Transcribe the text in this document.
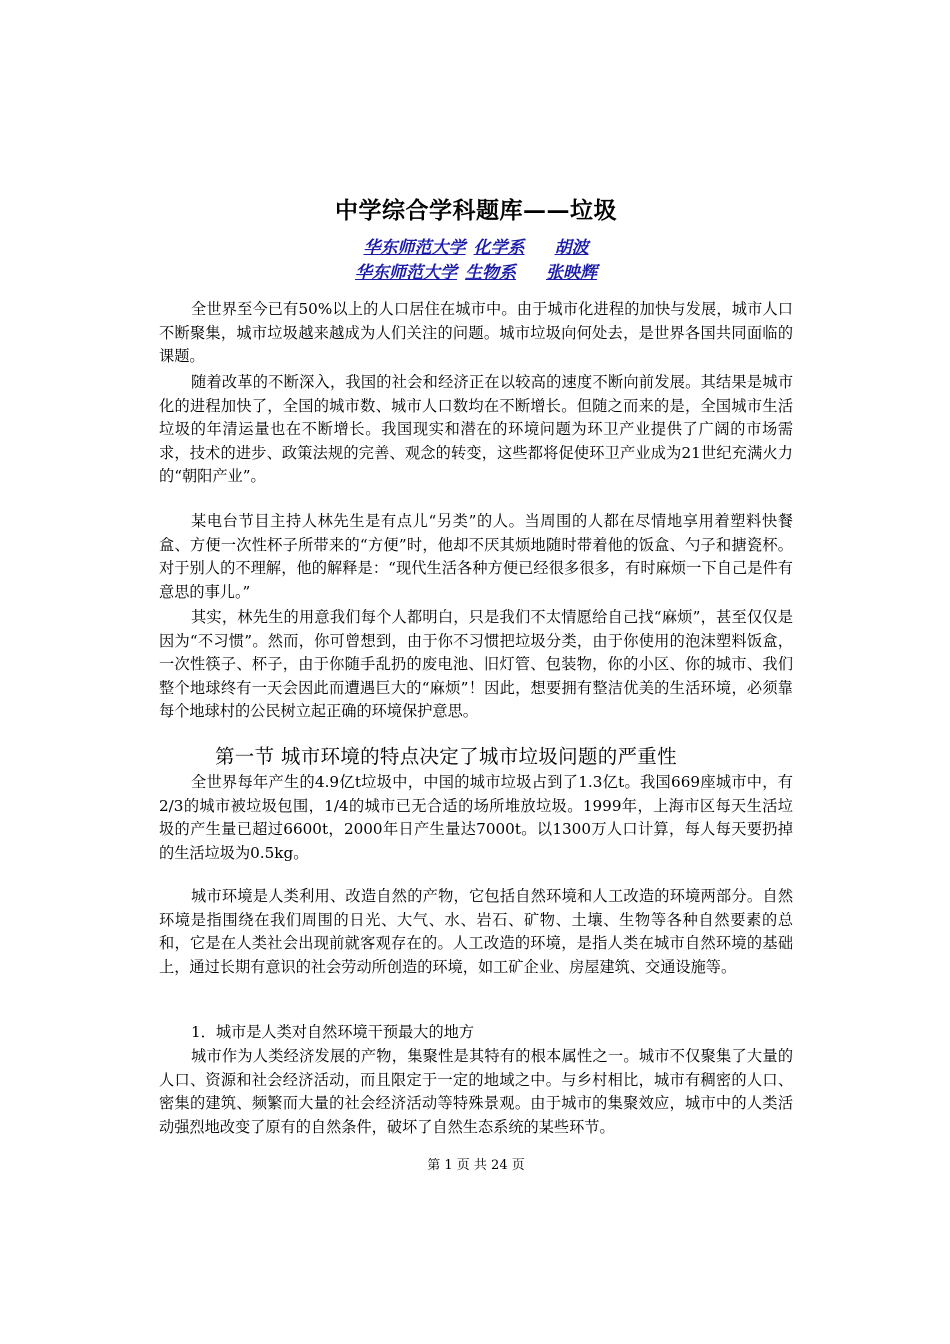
中学综合学科题库——垃圾
华东师范大学 化学系 胡波
华东师范大学 生物系 张映辉

全世界至今已有50%以上的人口居住在城市中。由于城市化进程的加快与发展，城市人口不断聚集，城市垃圾越来越成为人们关注的问题。城市垃圾向何处去，是世界各国共同面临的课题。

随着改革的不断深入，我国的社会和经济正在以较高的速度不断向前发展。其结果是城市化的进程加快了，全国的城市数、城市人口数均在不断增长。但随之而来的是，全国城市生活垃圾的年清运量也在不断增长。我国现实和潜在的环境问题为环卫产业提供了广阔的市场需求，技术的进步、政策法规的完善、观念的转变，这些都将促使环卫产业成为21世纪充满火力的“朝阳产业”。

某电台节目主持人林先生是有点儿“另类”的人。当周围的人都在尽情地享用着塑料快餐盒、方便一次性杯子所带来的“方便”时，他却不厌其烦地随时带着他的饭盒、勺子和搪瓷杯。对于别人的不理解，他的解释是：“现代生活各种方便已经很多很多，有时麻烦一下自己是件有意思的事儿。”

其实，林先生的用意我们每个人都明白，只是我们不太情愿给自己找“麻烦”，甚至仅仅是因为“不习惯”。然而，你可曾想到，由于你不习惯把垃圾分类，由于你使用的泡沫塑料饭盒，一次性筷子、杯子，由于你随手乱扔的废电池、旧灯管、包装物，你的小区、你的城市、我们整个地球终有一天会因此而遭遇巨大的“麻烦”！因此，想要拥有整洁优美的生活环境，必须靠每个地球村的公民树立起正确的环境保护意思。

第一节 城市环境的特点决定了城市垃圾问题的严重性

全世界每年产生的4.9亿t垃圾中，中国的城市垃圾占到了1.3亿t。我国669座城市中，有2/3的城市被垃圾包围，1/4的城市已无合适的场所堆放垃圾。1999年，上海市区每天生活垃圾的产生量已超过6600t，2000年日产生量达7000t。以1300万人口计算，每人每天要扔掉的生活垃圾为0.5kg。

城市环境是人类利用、改造自然的产物，它包括自然环境和人工改造的环境两部分。自然环境是指围绕在我们周围的日光、大气、水、岩石、矿物、土壤、生物等各种自然要素的总和，它是在人类社会出现前就客观存在的。人工改造的环境，是指人类在城市自然环境的基础上，通过长期有意识的社会劳动所创造的环境，如工矿企业、房屋建筑、交通设施等。

1．城市是人类对自然环境干预最大的地方

城市作为人类经济发展的产物，集聚性是其特有的根本属性之一。城市不仅聚集了大量的人口、资源和社会经济活动，而且限定于一定的地域之中。与乡村相比，城市有稠密的人口、密集的建筑、频繁而大量的社会经济活动等特殊景观。由于城市的集聚效应，城市中的人类活动强烈地改变了原有的自然条件，破坏了自然生态系统的某些环节。

第 1 页 共 24 页
